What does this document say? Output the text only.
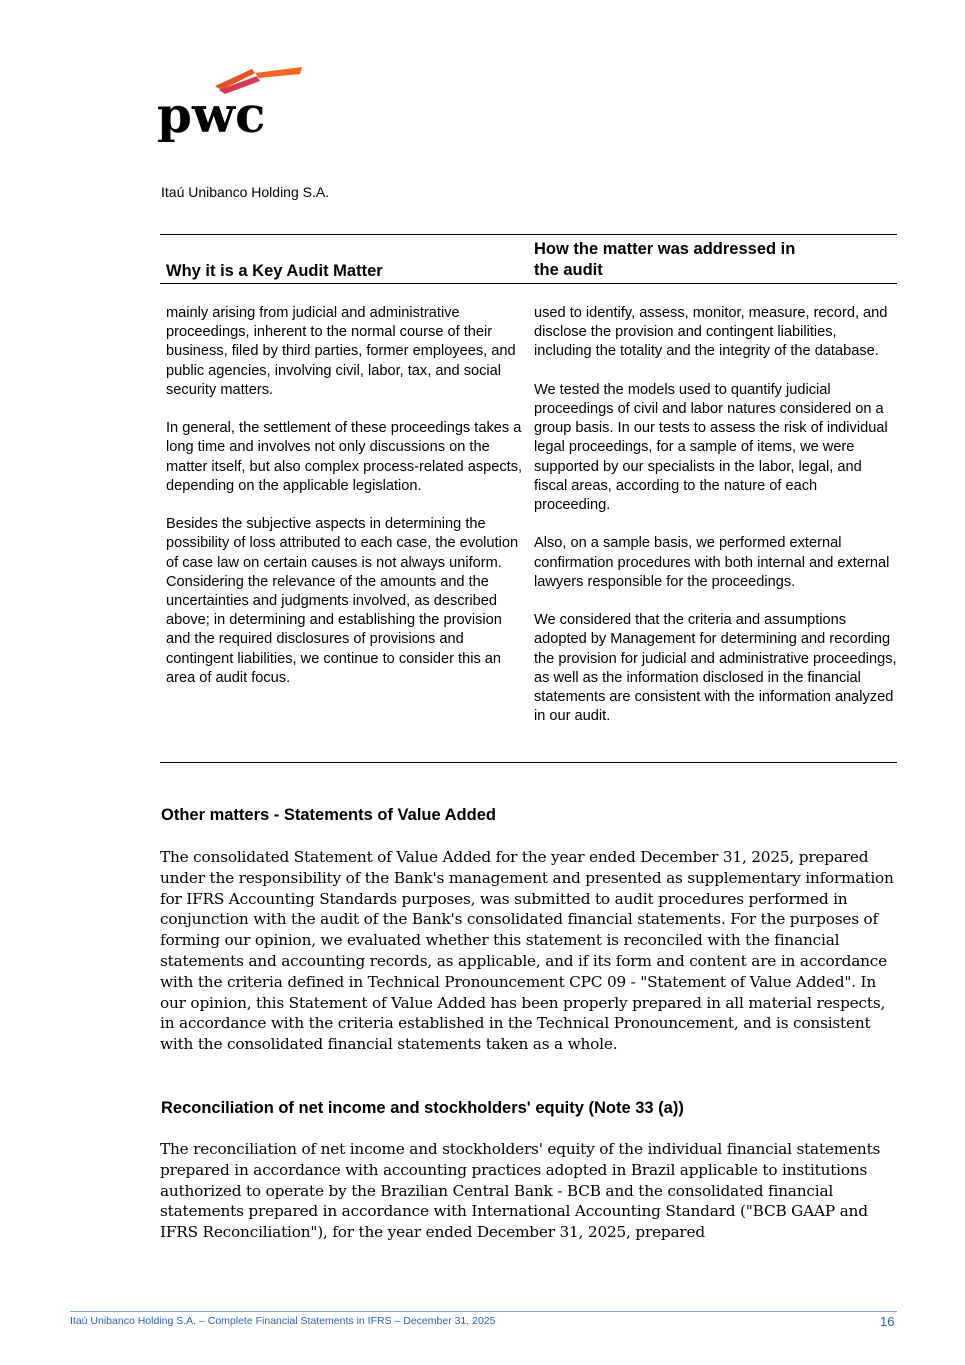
pwc
Itaú Unibanco Holding S.A.
Why it is a Key Audit Matter
How the matter was addressed in
the audit

mainly arising from judicial and administrative proceedings, inherent to the normal course of their business, filed by third parties, former employees, and public agencies, involving civil, labor, tax, and social security matters.

In general, the settlement of these proceedings takes a long time and involves not only discussions on the matter itself, but also complex process-related aspects, depending on the applicable legislation.

Besides the subjective aspects in determining the possibility of loss attributed to each case, the evolution of case law on certain causes is not always uniform. Considering the relevance of the amounts and the uncertainties and judgments involved, as described above; in determining and establishing the provision and the required disclosures of provisions and contingent liabilities, we continue to consider this an area of audit focus.

used to identify, assess, monitor, measure, record, and disclose the provision and contingent liabilities, including the totality and the integrity of the database.

We tested the models used to quantify judicial proceedings of civil and labor natures considered on a group basis. In our tests to assess the risk of individual legal proceedings, for a sample of items, we were supported by our specialists in the labor, legal, and fiscal areas, according to the nature of each proceeding.

Also, on a sample basis, we performed external confirmation procedures with both internal and external lawyers responsible for the proceedings.

We considered that the criteria and assumptions adopted by Management for determining and recording the provision for judicial and administrative proceedings, as well as the information disclosed in the financial statements are consistent with the information analyzed in our audit.

Other matters - Statements of Value Added
The consolidated Statement of Value Added for the year ended December 31, 2025, prepared under the responsibility of the Bank's management and presented as supplementary information for IFRS Accounting Standards purposes, was submitted to audit procedures performed in conjunction with the audit of the Bank's consolidated financial statements. For the purposes of forming our opinion, we evaluated whether this statement is reconciled with the financial statements and accounting records, as applicable, and if its form and content are in accordance with the criteria defined in Technical Pronouncement CPC 09 - "Statement of Value Added". In our opinion, this Statement of Value Added has been properly prepared in all material respects, in accordance with the criteria established in the Technical Pronouncement, and is consistent with the consolidated financial statements taken as a whole.
Reconciliation of net income and stockholders' equity (Note 33 (a))
The reconciliation of net income and stockholders' equity of the individual financial statements prepared in accordance with accounting practices adopted in Brazil applicable to institutions authorized to operate by the Brazilian Central Bank - BCB and the consolidated financial statements prepared in accordance with International Accounting Standard ("BCB GAAP and IFRS Reconciliation"), for the year ended December 31, 2025, prepared
Itaú Unibanco Holding S.A. – Complete Financial Statements in IFRS – December 31, 2025	16
